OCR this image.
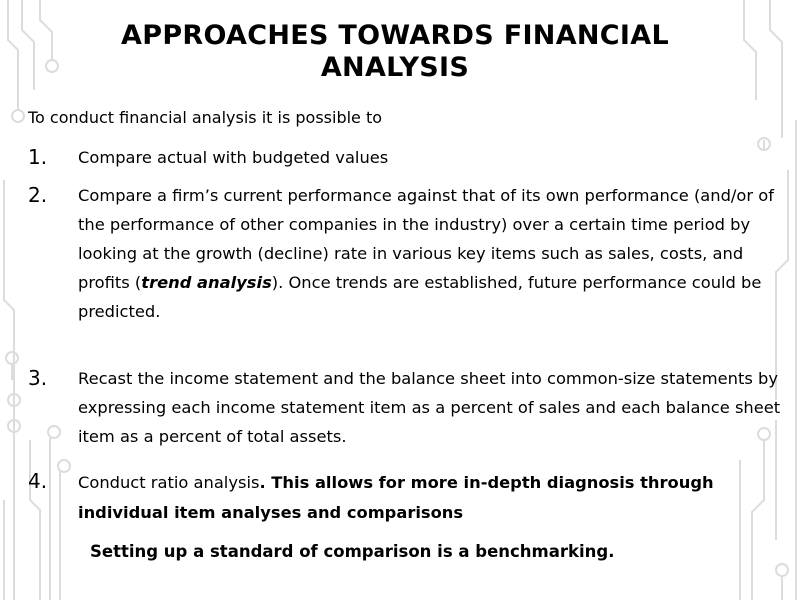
APPROACHES TOWARDS FINANCIAL ANALYSIS
To conduct financial analysis it is possible to
1. Compare actual with budgeted values
2. Compare a firm’s current performance against that of its own performance (and/or of the performance of other companies in the industry) over a certain time period by looking at the growth (decline) rate in various key items such as sales, costs, and profits (trend analysis). Once trends are established, future performance could be predicted.
3. Recast the income statement and the balance sheet into common-size statements by expressing each income statement item as a percent of sales and each balance sheet item as a percent of total assets.
4. Conduct ratio analysis. This allows for more in-depth diagnosis through individual item analyses and comparisons
Setting up a standard of comparison is a benchmarking.
